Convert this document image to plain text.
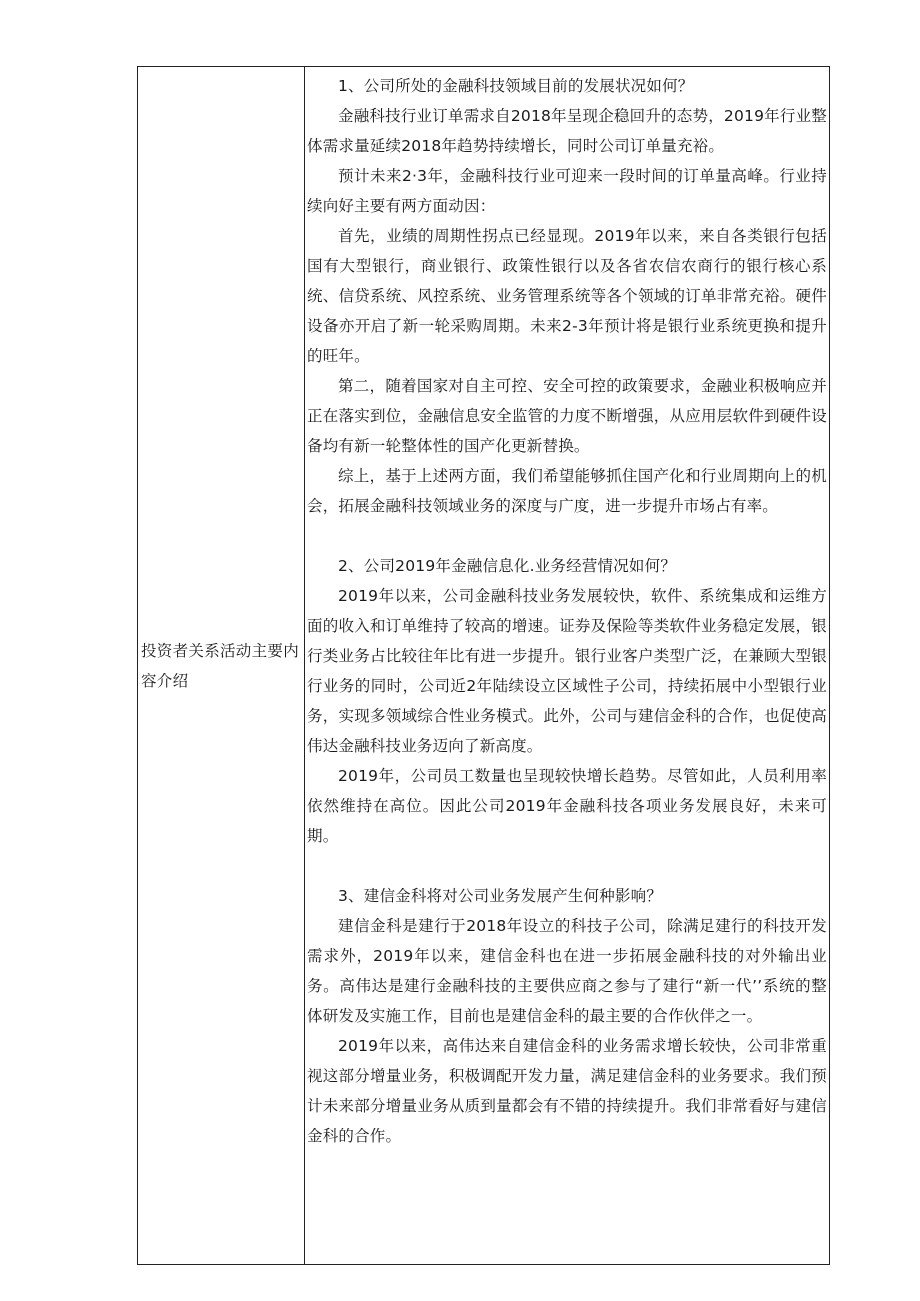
投资者关系活动主要内容介绍

1、公司所处的金融科技领域目前的发展状况如何？

金融科技行业订单需求自2018年呈现企稳回升的态势，2019年行业整体需求量延续2018年趋势持续增长，同时公司订单量充裕。

预计未来2·3年，金融科技行业可迎来一段时间的订单量高峰。行业持续向好主要有两方面动因：

首先，业绩的周期性拐点已经显现。2019年以来，来自各类银行包括国有大型银行，商业银行、政策性银行以及各省农信农商行的银行核心系统、信贷系统、风控系统、业务管理系统等各个领域的订单非常充裕。硬件设备亦开启了新一轮采购周期。未来2-3年预计将是银行业系统更换和提升的旺年。

第二，随着国家对自主可控、安全可控的政策要求，金融业积极响应并正在落实到位，金融信息安全监管的力度不断增强，从应用层软件到硬件设备均有新一轮整体性的国产化更新替换。

综上，基于上述两方面，我们希望能够抓住国产化和行业周期向上的机会，拓展金融科技领域业务的深度与广度，进一步提升市场占有率。

2、公司2019年金融信息化.业务经营情况如何？

2019年以来，公司金融科技业务发展较快，软件、系统集成和运维方面的收入和订单维持了较高的增速。证券及保险等类软件业务稳定发展，银行类业务占比较往年比有进一步提升。银行业客户类型广泛，在兼顾大型银行业务的同时，公司近2年陆续设立区域性子公司，持续拓展中小型银行业务，实现多领域综合性业务模式。此外，公司与建信金科的合作，也促使高伟达金融科技业务迈向了新高度。

2019年，公司员工数量也呈现较快增长趋势。尽管如此，人员利用率依然维持在高位。因此公司2019年金融科技各项业务发展良好，未来可期。

3、建信金科将对公司业务发展产生何种影响？

建信金科是建行于2018年设立的科技子公司，除满足建行的科技开发需求外，2019年以来，建信金科也在进一步拓展金融科技的对外输出业务。高伟达是建行金融科技的主要供应商之参与了建行“新一代’’系统的整体研发及实施工作，目前也是建信金科的最主要的合作伙伴之一。

2019年以来，高伟达来自建信金科的业务需求增长较快，公司非常重视这部分增量业务，积极调配开发力量，满足建信金科的业务要求。我们预计未来部分增量业务从质到量都会有不错的持续提升。我们非常看好与建信金科的合作。
